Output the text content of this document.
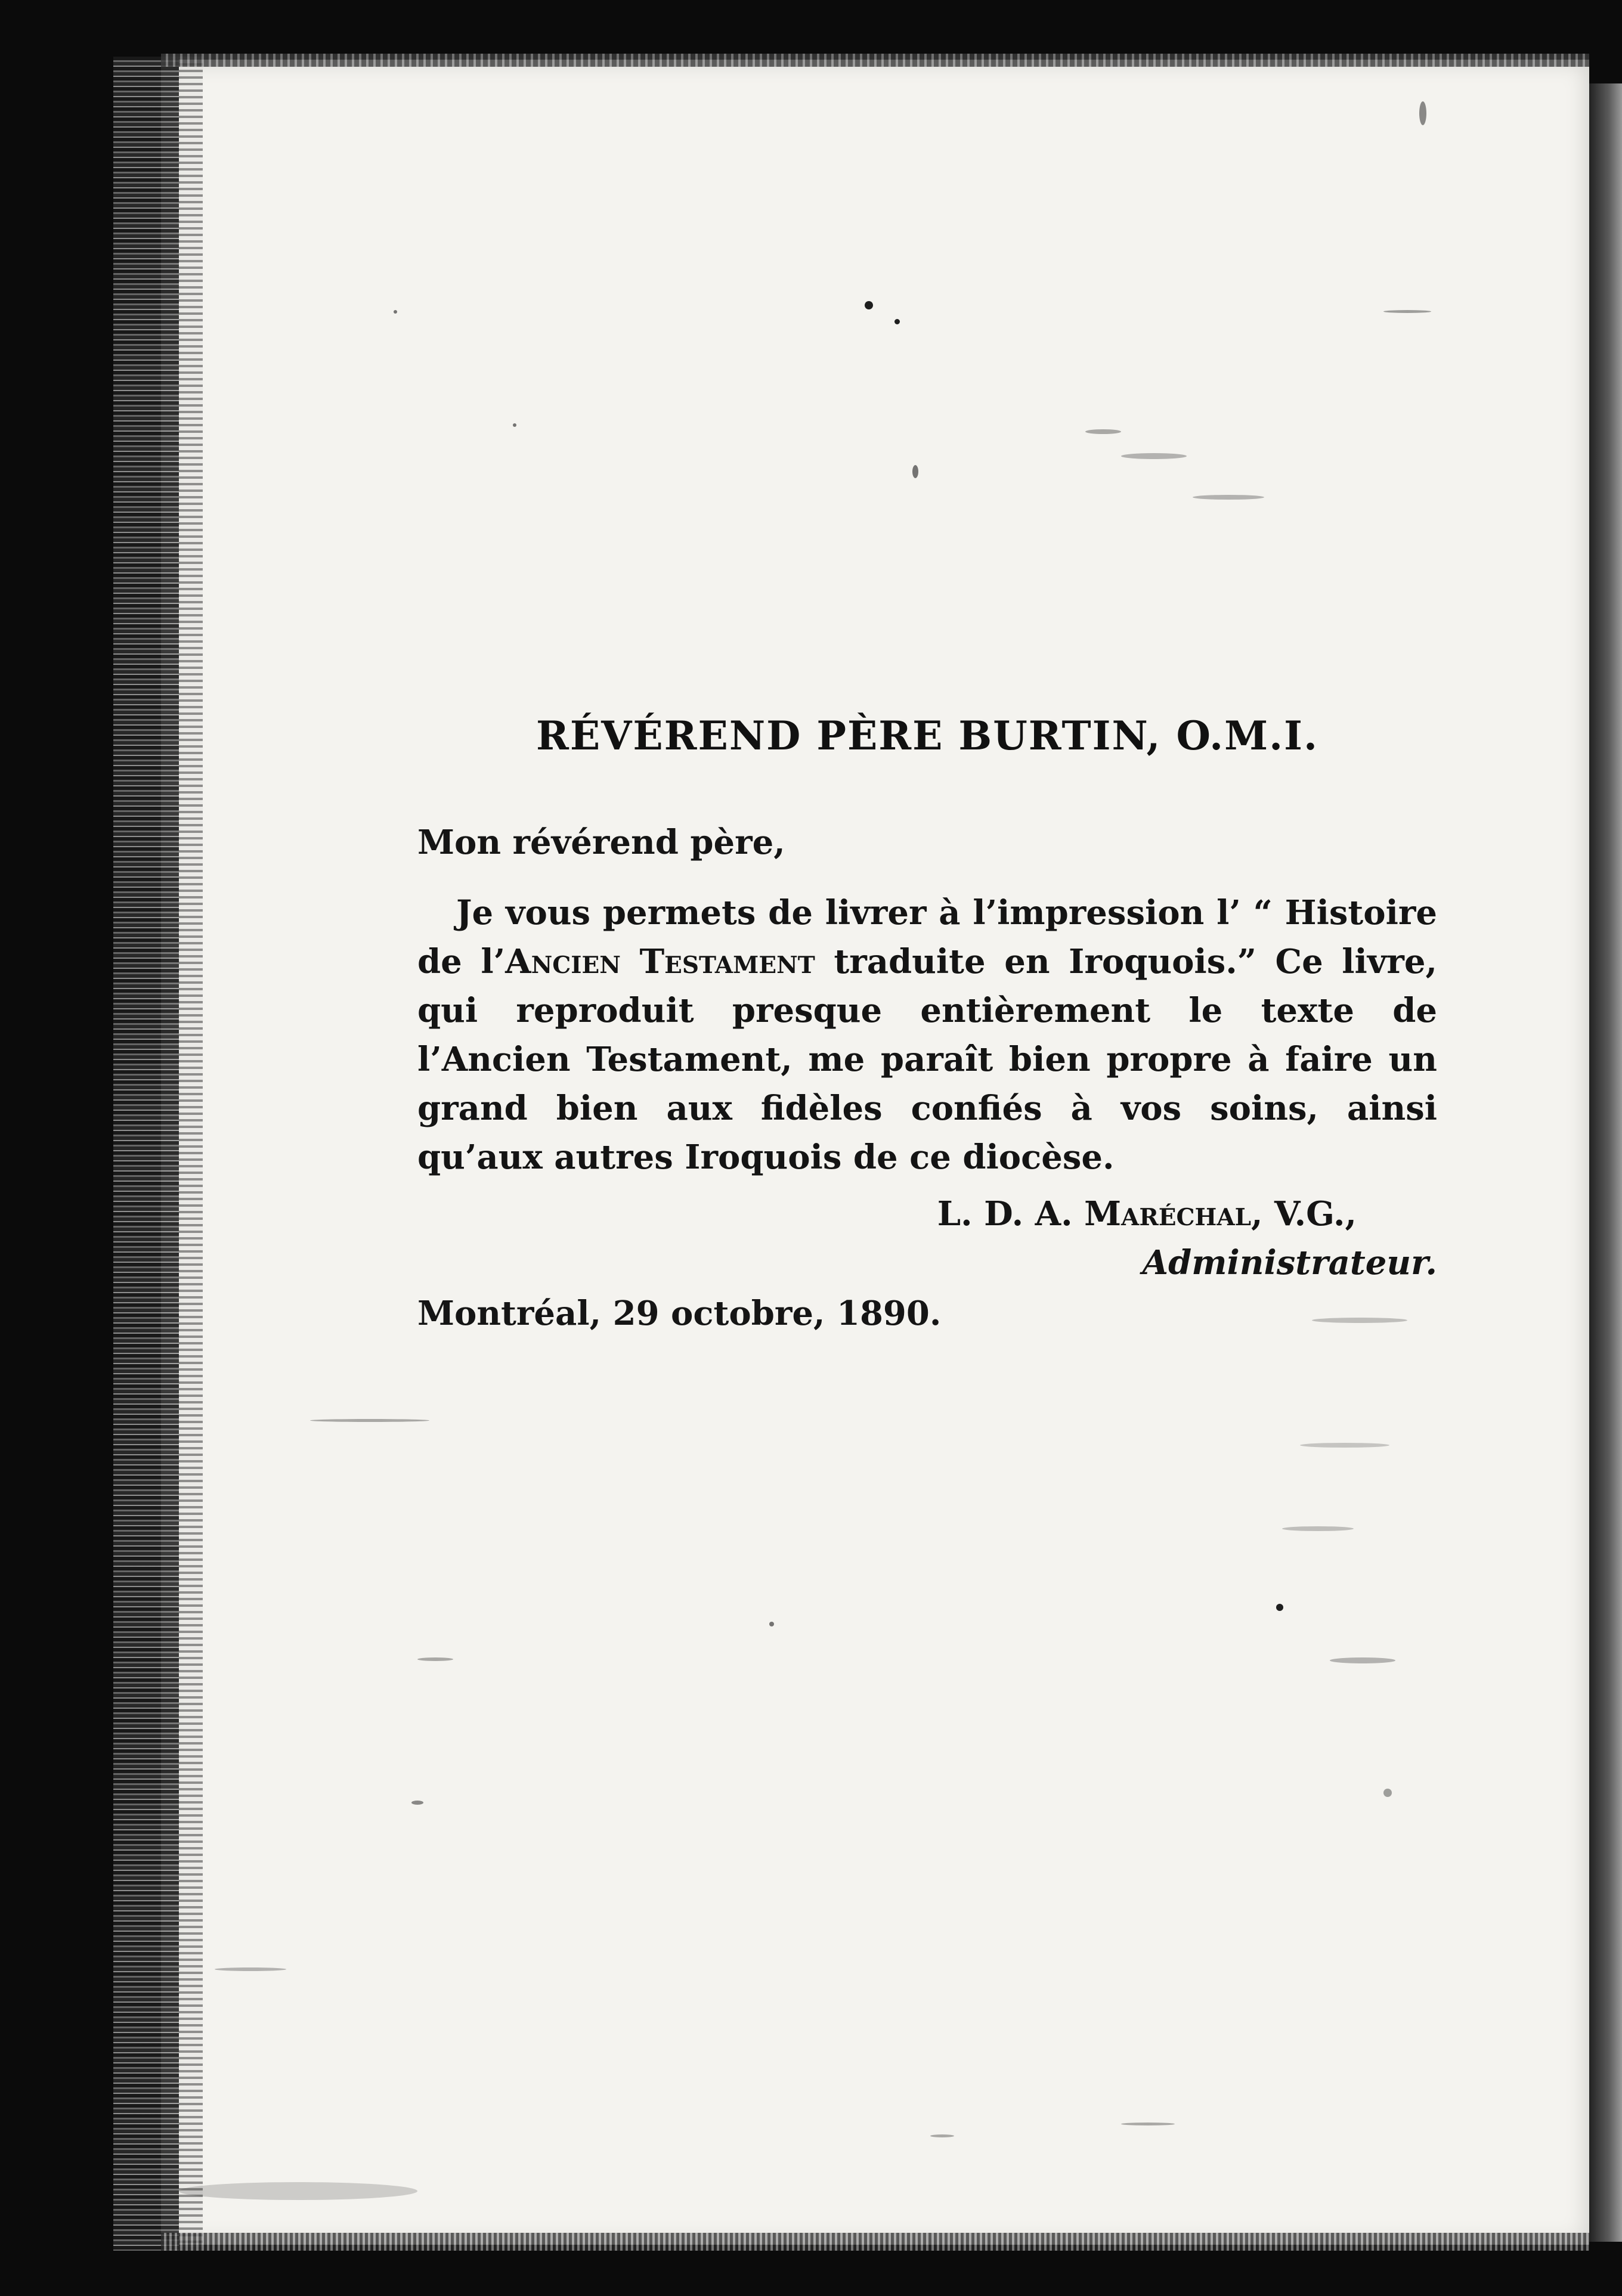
RÉVÉREND PÈRE BURTIN, O.M.I.

Mon révérend père,

Je vous permets de livrer à l’impression l’ “ Histoire de l’Ancien Testament traduite en Iroquois.” Ce livre, qui reproduit presque entièrement le texte de l’Ancien Testament, me paraît bien propre à faire un grand bien aux fidèles confiés à vos soins, ainsi qu’aux autres Iroquois de ce diocèse.

L. D. A. Maréchal, V.G.,
Administrateur.

Montréal, 29 octobre, 1890.
